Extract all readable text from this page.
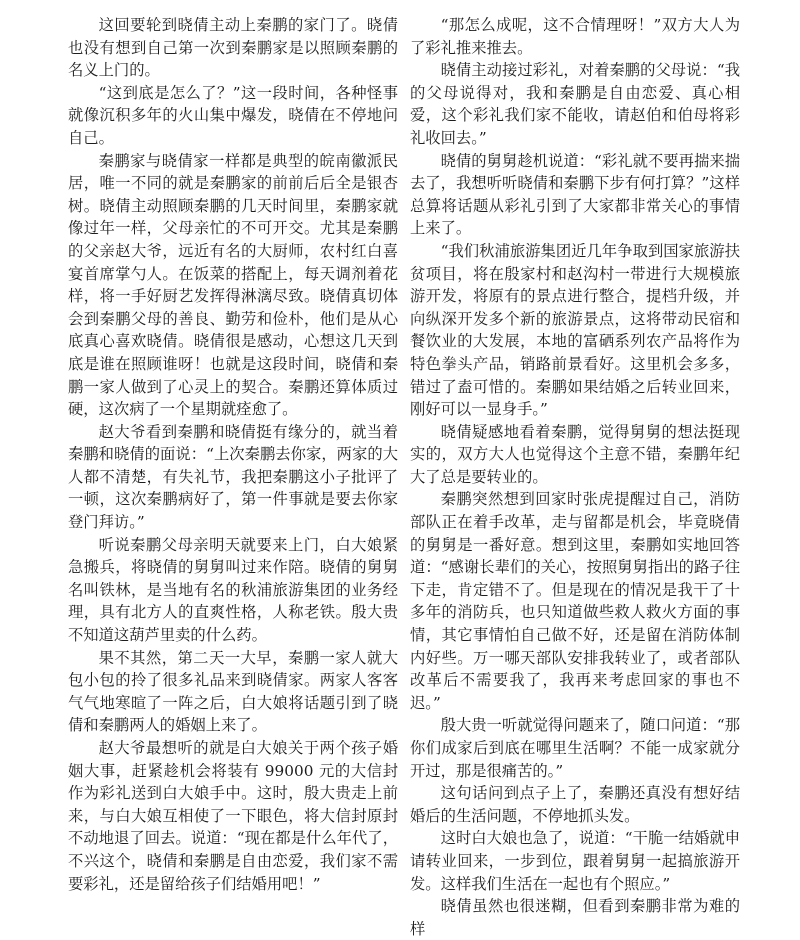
这回要轮到晓倩主动上秦鹏的家门了。晓倩也没有想到自己第一次到秦鹏家是以照顾秦鹏的名义上门的。

“这到底是怎么了？”这一段时间，各种怪事就像沉积多年的火山集中爆发，晓倩在不停地问自己。

秦鹏家与晓倩家一样都是典型的皖南徽派民居，唯一不同的就是秦鹏家的前前后后全是银杏树。晓倩主动照顾秦鹏的几天时间里，秦鹏家就像过年一样，父母亲忙的不可开交。尤其是秦鹏的父亲赵大爷，远近有名的大厨师，农村红白喜宴首席掌勺人。在饭菜的搭配上，每天调剂着花样，将一手好厨艺发挥得淋漓尽致。晓倩真切体会到秦鹏父母的善良、勤劳和俭朴，他们是从心底真心喜欢晓倩。晓倩很是感动，心想这几天到底是谁在照顾谁呀！也就是这段时间，晓倩和秦鹏一家人做到了心灵上的契合。秦鹏还算体质过硬，这次病了一个星期就痊愈了。

赵大爷看到秦鹏和晓倩挺有缘分的，就当着秦鹏和晓倩的面说：“上次秦鹏去你家，两家的大人都不清楚，有失礼节，我把秦鹏这小子批评了一顿，这次秦鹏病好了，第一件事就是要去你家登门拜访。”

听说秦鹏父母亲明天就要来上门，白大娘紧急搬兵，将晓倩的舅舅叫过来作陪。晓倩的舅舅名叫铁林，是当地有名的秋浦旅游集团的业务经理，具有北方人的直爽性格，人称老铁。殷大贵不知道这葫芦里卖的什么药。

果不其然，第二天一大早，秦鹏一家人就大包小包的拎了很多礼品来到晓倩家。两家人客客气气地寒暄了一阵之后，白大娘将话题引到了晓倩和秦鹏两人的婚姻上来了。

赵大爷最想听的就是白大娘关于两个孩子婚姻大事，赶紧趁机会将装有 99000 元的大信封作为彩礼送到白大娘手中。这时，殷大贵走上前来，与白大娘互相使了一下眼色，将大信封原封不动地退了回去。说道：“现在都是什么年代了，不兴这个，晓倩和秦鹏是自由恋爱，我们家不需要彩礼，还是留给孩子们结婚用吧！”

“那怎么成呢，这不合情理呀！”双方大人为了彩礼推来推去。

晓倩主动接过彩礼，对着秦鹏的父母说：“我的父母说得对，我和秦鹏是自由恋爱、真心相爱，这个彩礼我们家不能收，请赵伯和伯母将彩礼收回去。”

晓倩的舅舅趁机说道：“彩礼就不要再揣来揣去了，我想听听晓倩和秦鹏下步有何打算？”这样总算将话题从彩礼引到了大家都非常关心的事情上来了。

“我们秋浦旅游集团近几年争取到国家旅游扶贫项目，将在殷家村和赵沟村一带进行大规模旅游开发，将原有的景点进行整合，提档升级，并向纵深开发多个新的旅游景点，这将带动民宿和餐饮业的大发展，本地的富硒系列农产品将作为特色拳头产品，销路前景看好。这里机会多多，错过了盍可惜的。秦鹏如果结婚之后转业回来，刚好可以一显身手。”

晓倩疑感地看着秦鹏，觉得舅舅的想法挺现实的，双方大人也觉得这个主意不错，秦鹏年纪大了总是要转业的。

秦鹏突然想到回家时张虎提醒过自己，消防部队正在着手改革，走与留都是机会，毕竟晓倩的舅舅是一番好意。想到这里，秦鹏如实地回答道：“感谢长辈们的关心，按照舅舅指出的路子往下走，肯定错不了。但是现在的情况是我干了十多年的消防兵，也只知道做些救人救火方面的事情，其它事情怕自己做不好，还是留在消防体制内好些。万一哪天部队安排我转业了，或者部队改革后不需要我了，我再来考虑回家的事也不迟。”

殷大贵一听就觉得问题来了，随口问道：“那你们成家后到底在哪里生活啊？不能一成家就分开过，那是很痛苦的。”

这句话问到点子上了，秦鹏还真没有想好结婚后的生活问题，不停地抓头发。

这时白大娘也急了，说道：“干脆一结婚就申请转业回来，一步到位，跟着舅舅一起搞旅游开发。这样我们生活在一起也有个照应。”

晓倩虽然也很迷糊，但看到秦鹏非常为难的样
